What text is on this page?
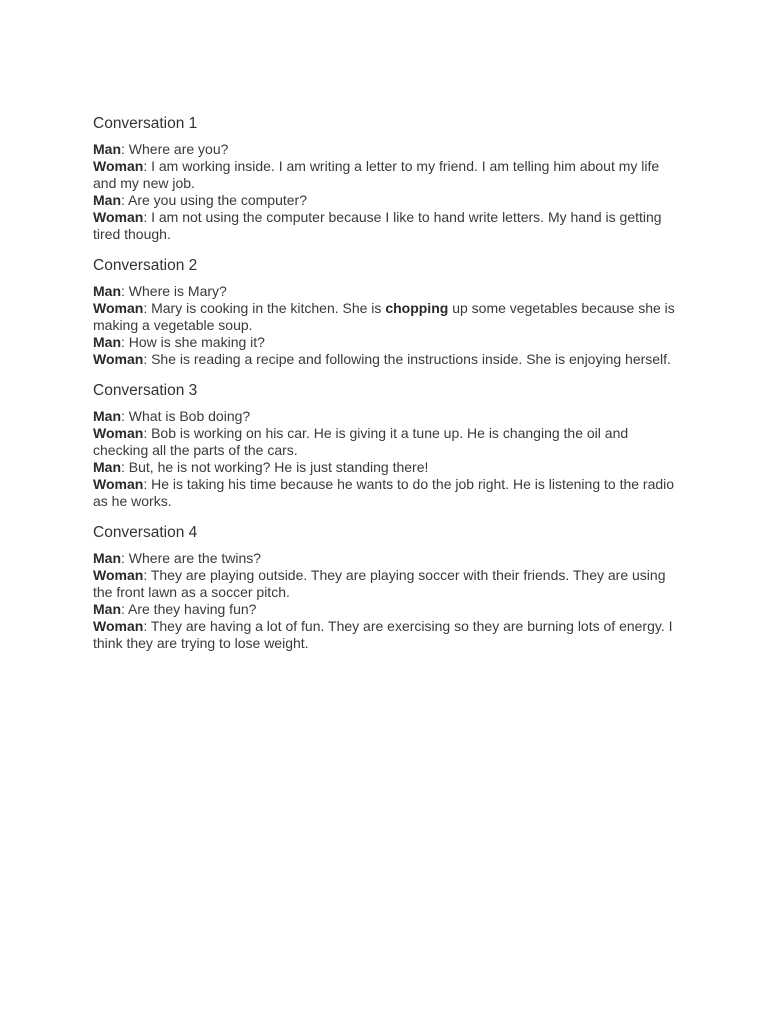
Conversation 1

Man: Where are you?

Woman: I am working inside. I am writing a letter to my friend. I am telling him about my life and my new job.

Man: Are you using the computer?

Woman: I am not using the computer because I like to hand write letters. My hand is getting tired though.

Conversation 2

Man: Where is Mary?

Woman: Mary is cooking in the kitchen. She is chopping up some vegetables because she is making a vegetable soup.

Man: How is she making it?

Woman: She is reading a recipe and following the instructions inside. She is enjoying herself.

Conversation 3

Man: What is Bob doing?

Woman: Bob is working on his car. He is giving it a tune up. He is changing the oil and checking all the parts of the cars.

Man: But, he is not working? He is just standing there!

Woman: He is taking his time because he wants to do the job right. He is listening to the radio as he works.

Conversation 4

Man: Where are the twins?

Woman: They are playing outside. They are playing soccer with their friends. They are using the front lawn as a soccer pitch.

Man: Are they having fun?

Woman: They are having a lot of fun. They are exercising so they are burning lots of energy. I think they are trying to lose weight.
